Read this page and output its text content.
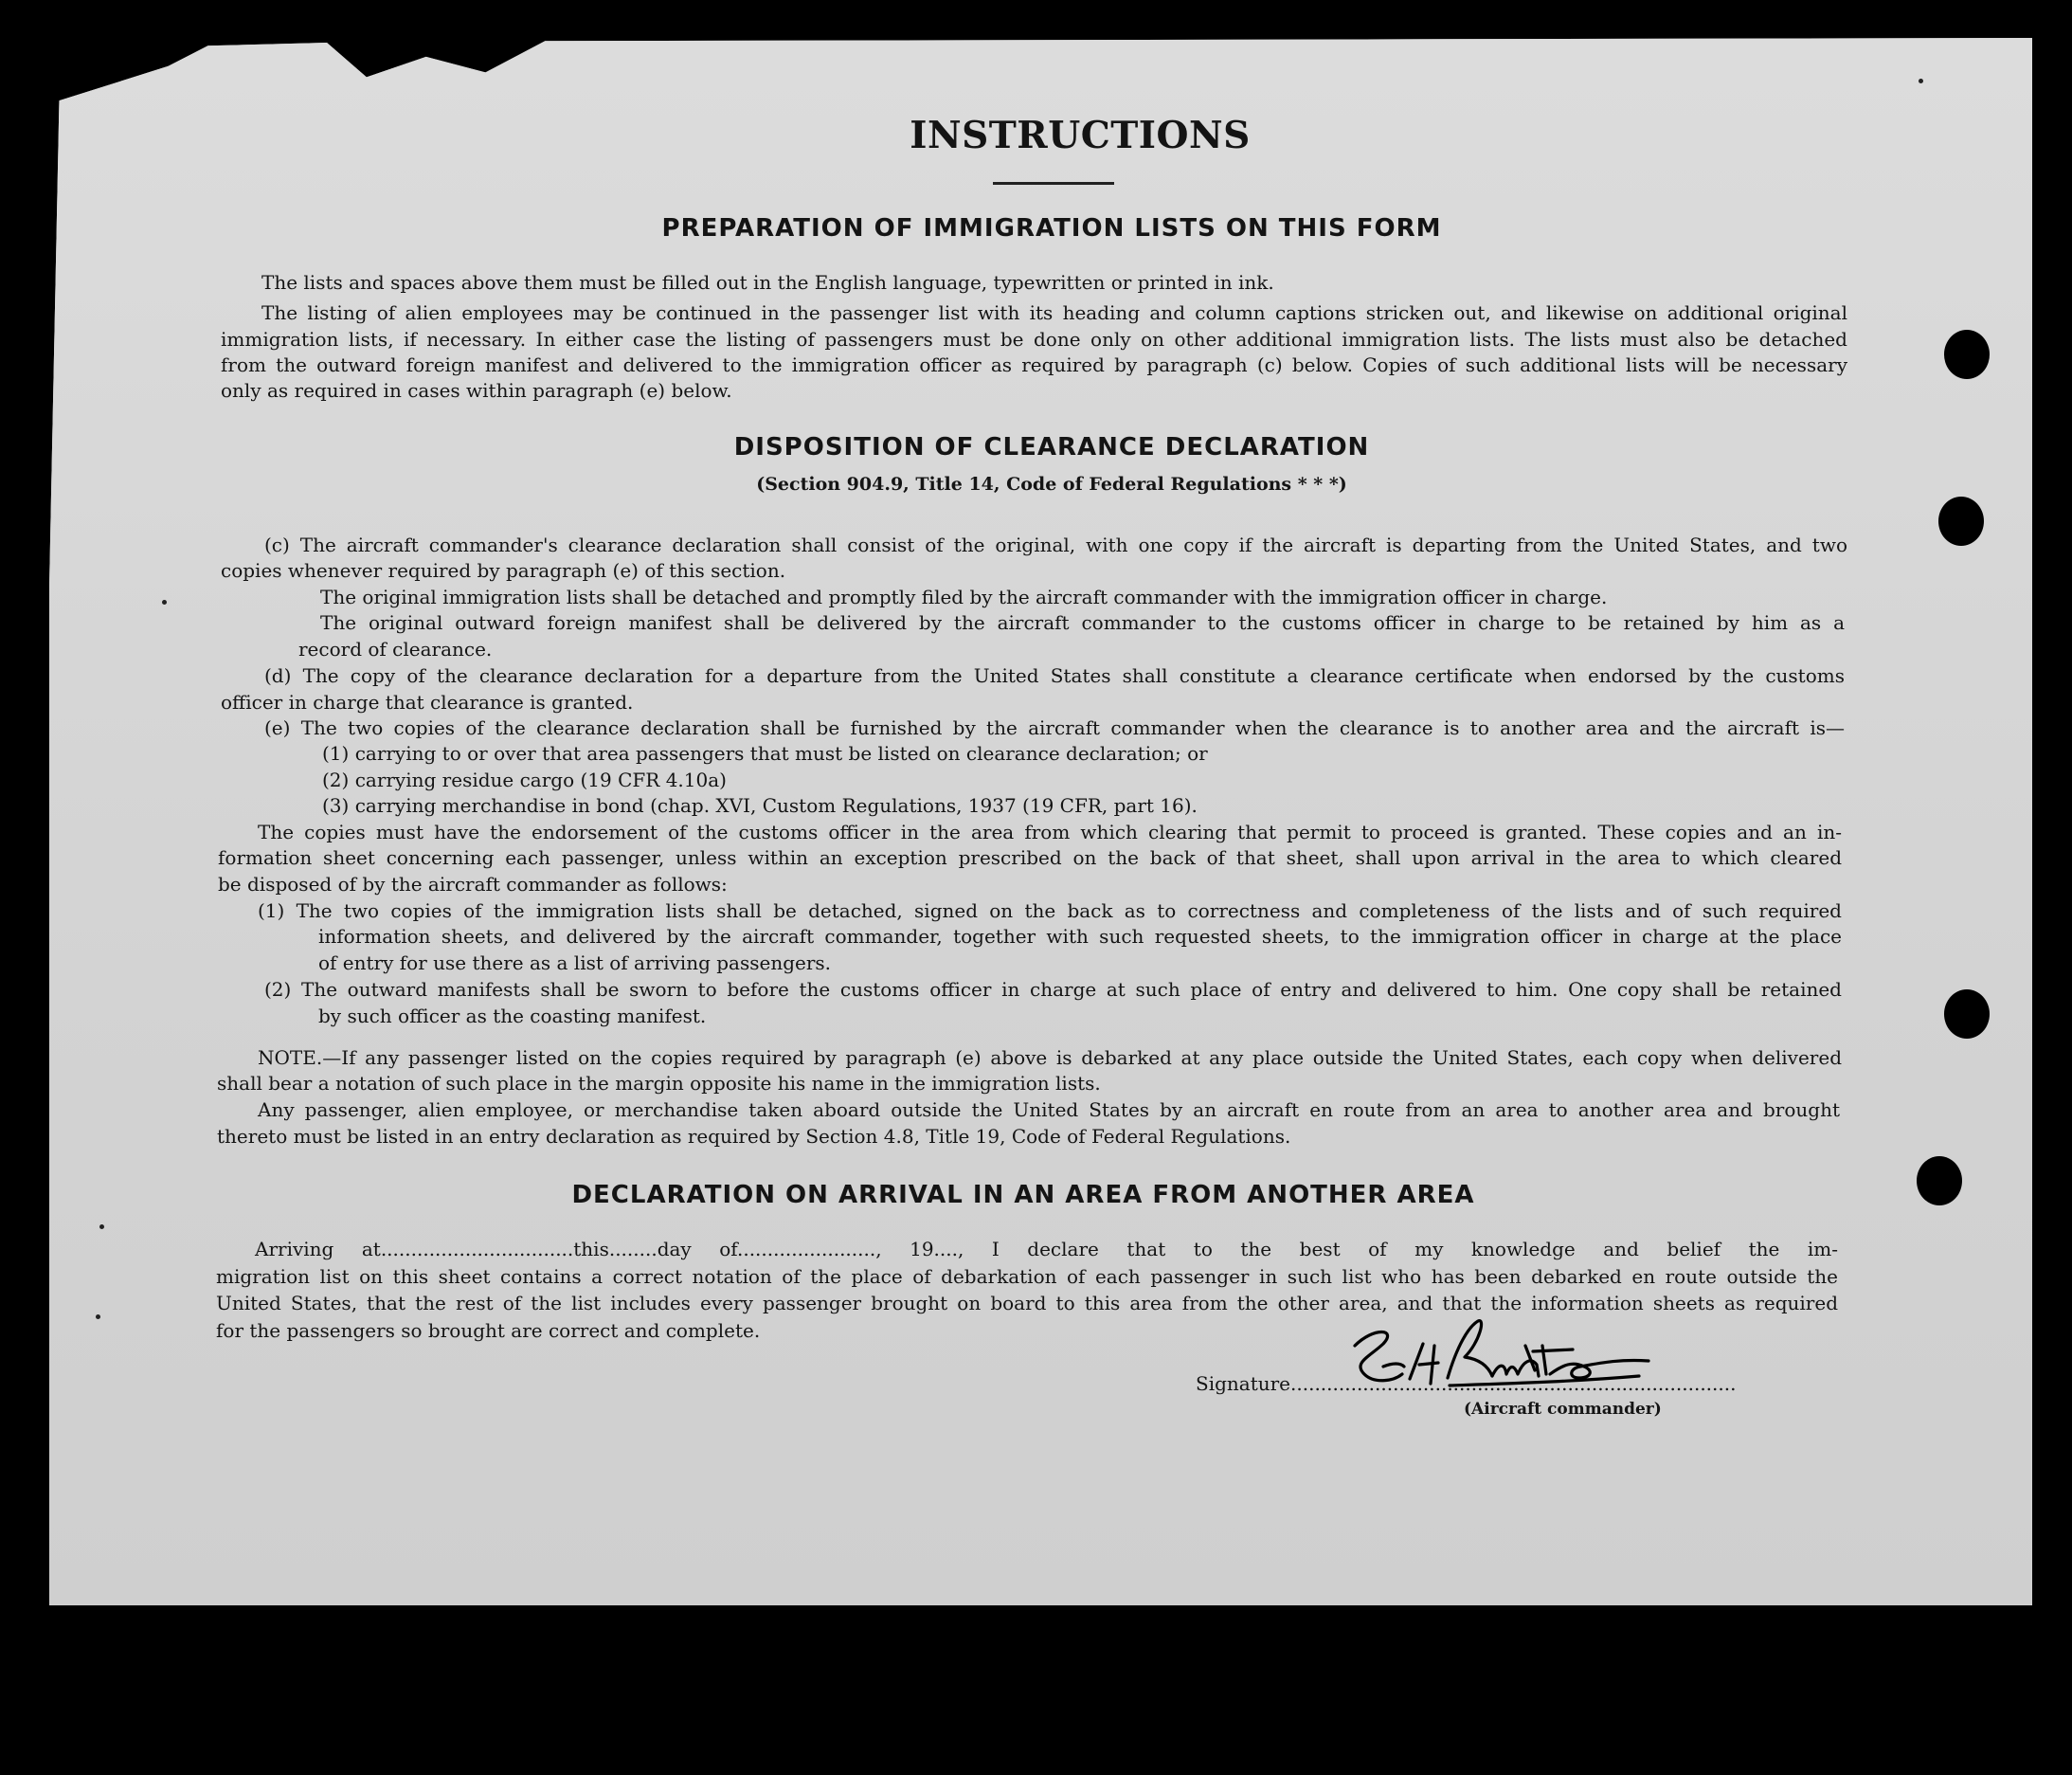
INSTRUCTIONS
PREPARATION OF IMMIGRATION LISTS ON THIS FORM
The lists and spaces above them must be filled out in the English language, typewritten or printed in ink.
The listing of alien employees may be continued in the passenger list with its heading and column captions stricken out, and likewise on additional original
immigration lists, if necessary. In either case the listing of passengers must be done only on other additional immigration lists. The lists must also be detached
from the outward foreign manifest and delivered to the immigration officer as required by paragraph (c) below. Copies of such additional lists will be necessary
only as required in cases within paragraph (e) below.
DISPOSITION OF CLEARANCE DECLARATION
(Section 904.9, Title 14, Code of Federal Regulations * * *)
(c) The aircraft commander's clearance declaration shall consist of the original, with one copy if the aircraft is departing from the United States, and two
copies whenever required by paragraph (e) of this section.
The original immigration lists shall be detached and promptly filed by the aircraft commander with the immigration officer in charge.
The original outward foreign manifest shall be delivered by the aircraft commander to the customs officer in charge to be retained by him as a
record of clearance.
(d) The copy of the clearance declaration for a departure from the United States shall constitute a clearance certificate when endorsed by the customs
officer in charge that clearance is granted.
(e) The two copies of the clearance declaration shall be furnished by the aircraft commander when the clearance is to another area and the aircraft is—
(1) carrying to or over that area passengers that must be listed on clearance declaration; or
(2) carrying residue cargo (19 CFR 4.10a)
(3) carrying merchandise in bond (chap. XVI, Custom Regulations, 1937 (19 CFR, part 16).
The copies must have the endorsement of the customs officer in the area from which clearing that permit to proceed is granted. These copies and an in-
formation sheet concerning each passenger, unless within an exception prescribed on the back of that sheet, shall upon arrival in the area to which cleared
be disposed of by the aircraft commander as follows:
(1) The two copies of the immigration lists shall be detached, signed on the back as to correctness and completeness of the lists and of such required
information sheets, and delivered by the aircraft commander, together with such requested sheets, to the immigration officer in charge at the place
of entry for use there as a list of arriving passengers.
(2) The outward manifests shall be sworn to before the customs officer in charge at such place of entry and delivered to him. One copy shall be retained
by such officer as the coasting manifest.
NOTE.—If any passenger listed on the copies required by paragraph (e) above is debarked at any place outside the United States, each copy when delivered
shall bear a notation of such place in the margin opposite his name in the immigration lists.
Any passenger, alien employee, or merchandise taken aboard outside the United States by an aircraft en route from an area to another area and brought
thereto must be listed in an entry declaration as required by Section 4.8, Title 19, Code of Federal Regulations.
DECLARATION ON ARRIVAL IN AN AREA FROM ANOTHER AREA
Arriving at................................this........day of......................., 19...., I declare that to the best of my knowledge and belief the im-
migration list on this sheet contains a correct notation of the place of debarkation of each passenger in such list who has been debarked en route outside the
United States, that the rest of the list includes every passenger brought on board to this area from the other area, and that the information sheets as required
for the passengers so brought are correct and complete.
Signature..........................................................................
(Aircraft commander)
